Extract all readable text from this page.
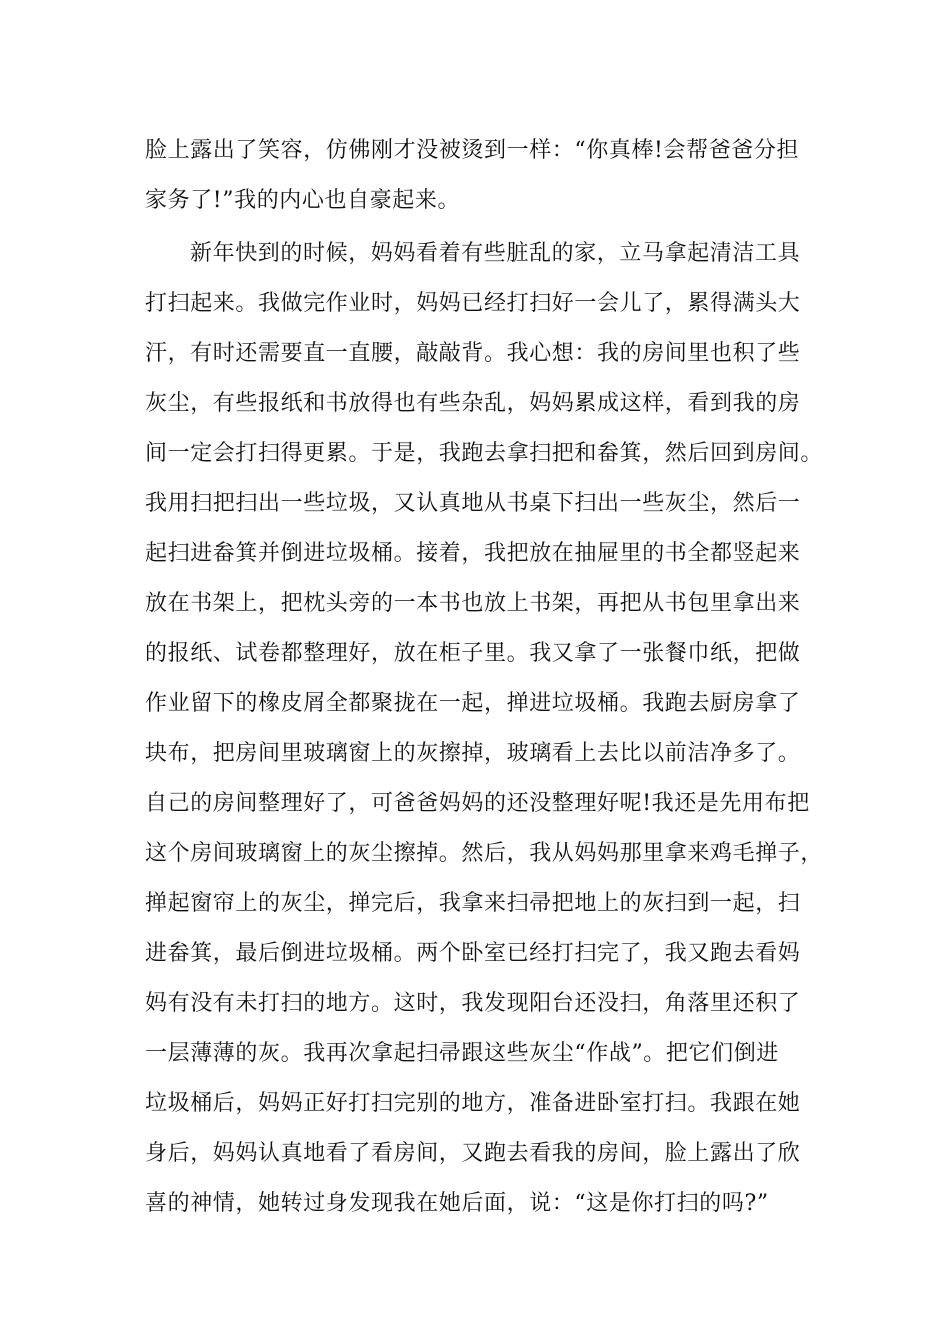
脸上露出了笑容，仿佛刚才没被烫到一样：“你真棒!会帮爸爸分担
家务了!”我的内心也自豪起来。
新年快到的时候，妈妈看着有些脏乱的家，立马拿起清洁工具
打扫起来。我做完作业时，妈妈已经打扫好一会儿了，累得满头大
汗，有时还需要直一直腰，敲敲背。我心想：我的房间里也积了些
灰尘，有些报纸和书放得也有些杂乱，妈妈累成这样，看到我的房
间一定会打扫得更累。于是，我跑去拿扫把和畚箕，然后回到房间。
我用扫把扫出一些垃圾，又认真地从书桌下扫出一些灰尘，然后一
起扫进畚箕并倒进垃圾桶。接着，我把放在抽屉里的书全都竖起来
放在书架上，把枕头旁的一本书也放上书架，再把从书包里拿出来
的报纸、试卷都整理好，放在柜子里。我又拿了一张餐巾纸，把做
作业留下的橡皮屑全都聚拢在一起，掸进垃圾桶。我跑去厨房拿了
块布，把房间里玻璃窗上的灰擦掉，玻璃看上去比以前洁净多了。
自己的房间整理好了，可爸爸妈妈的还没整理好呢!我还是先用布把
这个房间玻璃窗上的灰尘擦掉。然后，我从妈妈那里拿来鸡毛掸子，
掸起窗帘上的灰尘，掸完后，我拿来扫帚把地上的灰扫到一起，扫
进畚箕，最后倒进垃圾桶。两个卧室已经打扫完了，我又跑去看妈
妈有没有未打扫的地方。这时，我发现阳台还没扫，角落里还积了
一层薄薄的灰。我再次拿起扫帚跟这些灰尘“作战”。把它们倒进
垃圾桶后，妈妈正好打扫完别的地方，准备进卧室打扫。我跟在她
身后，妈妈认真地看了看房间，又跑去看我的房间，脸上露出了欣
喜的神情，她转过身发现我在她后面，说：“这是你打扫的吗?”
